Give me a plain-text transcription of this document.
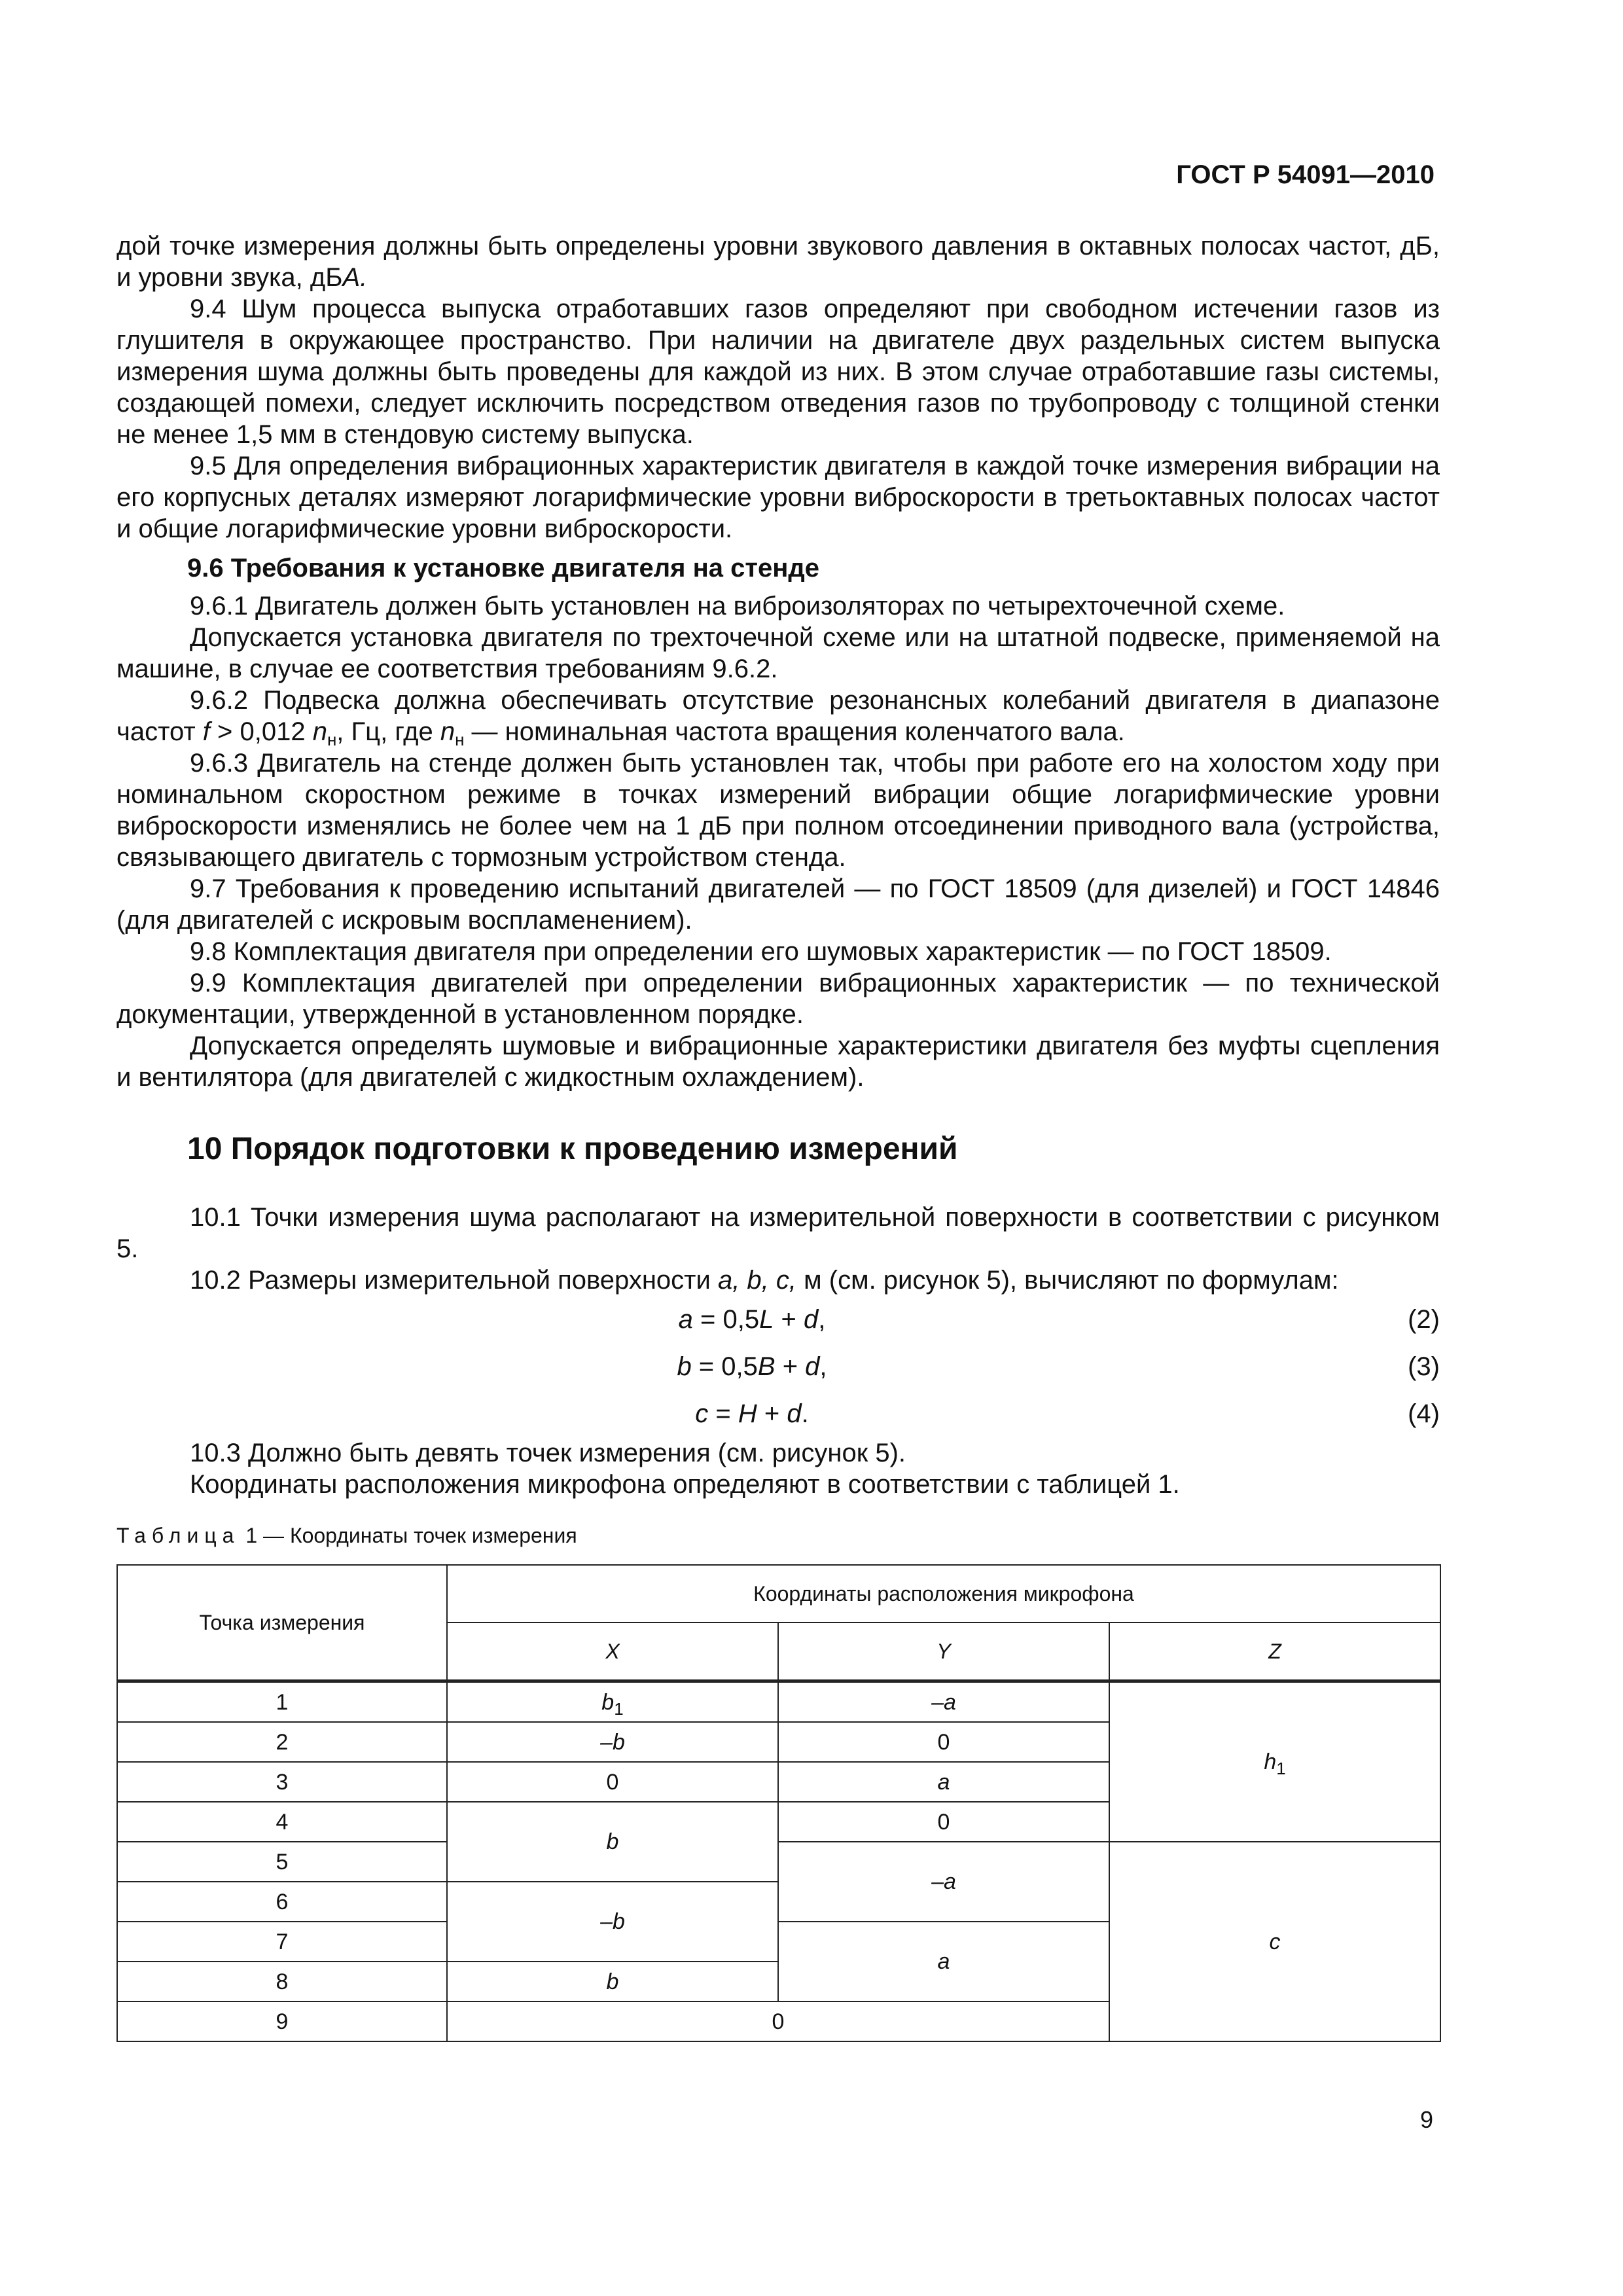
ГОСТ Р 54091—2010

дой точке измерения должны быть определены уровни звукового давления в октавных полосах частот, дБ, и уровни звука, дБA.

9.4 Шум процесса выпуска отработавших газов определяют при свободном истечении газов из глушителя в окружающее пространство. При наличии на двигателе двух раздельных систем выпуска измерения шума должны быть проведены для каждой из них. В этом случае отработавшие газы системы, создающей помехи, следует исключить посредством отведения газов по трубопроводу с толщиной стенки не менее 1,5 мм в стендовую систему выпуска.

9.5 Для определения вибрационных характеристик двигателя в каждой точке измерения вибрации на его корпусных деталях измеряют логарифмические уровни виброскорости в третьоктавных полосах частот и общие логарифмические уровни виброскорости.

9.6 Требования к установке двигателя на стенде

9.6.1 Двигатель должен быть установлен на виброизоляторах по четырехточечной схеме.

Допускается установка двигателя по трехточечной схеме или на штатной подвеске, применяемой на машине, в случае ее соответствия требованиям 9.6.2.

9.6.2 Подвеска должна обеспечивать отсутствие резонансных колебаний двигателя в диапазоне частот f > 0,012 $n_н$, Гц, где $n_н$ — номинальная частота вращения коленчатого вала.

9.6.3 Двигатель на стенде должен быть установлен так, чтобы при работе его на холостом ходу при номинальном скоростном режиме в точках измерений вибрации общие логарифмические уровни виброскорости изменялись не более чем на 1 дБ при полном отсоединении приводного вала (устройства, связывающего двигатель с тормозным устройством стенда.

9.7 Требования к проведению испытаний двигателей — по ГОСТ 18509 (для дизелей) и ГОСТ 14846 (для двигателей с искровым воспламенением).

9.8 Комплектация двигателя при определении его шумовых характеристик — по ГОСТ 18509.

9.9 Комплектация двигателей при определении вибрационных характеристик — по технической документации, утвержденной в установленном порядке.

Допускается определять шумовые и вибрационные характеристики двигателя без муфты сцепления и вентилятора (для двигателей с жидкостным охлаждением).

10 Порядок подготовки к проведению измерений

10.1 Точки измерения шума располагают на измерительной поверхности в соответствии с рисунком 5.

10.2 Размеры измерительной поверхности a, b, c, м (см. рисунок 5), вычисляют по формулам:

a = 0,5L + d,	(2)
b = 0,5B + d,	(3)
c = H + d.	(4)

10.3 Должно быть девять точек измерения (см. рисунок 5).

Координаты расположения микрофона определяют в соответствии с таблицей 1.

Таблица 1 — Координаты точек измерения
Точка измерения	Координаты расположения микрофона		
	X	Y	Z
1	$b_1$	–a	$h_1$
2	–b	0	
3	0	a	
4	b	0	
5		–a	c
6	–b		
7		a	
8	b		
9	0		
9
